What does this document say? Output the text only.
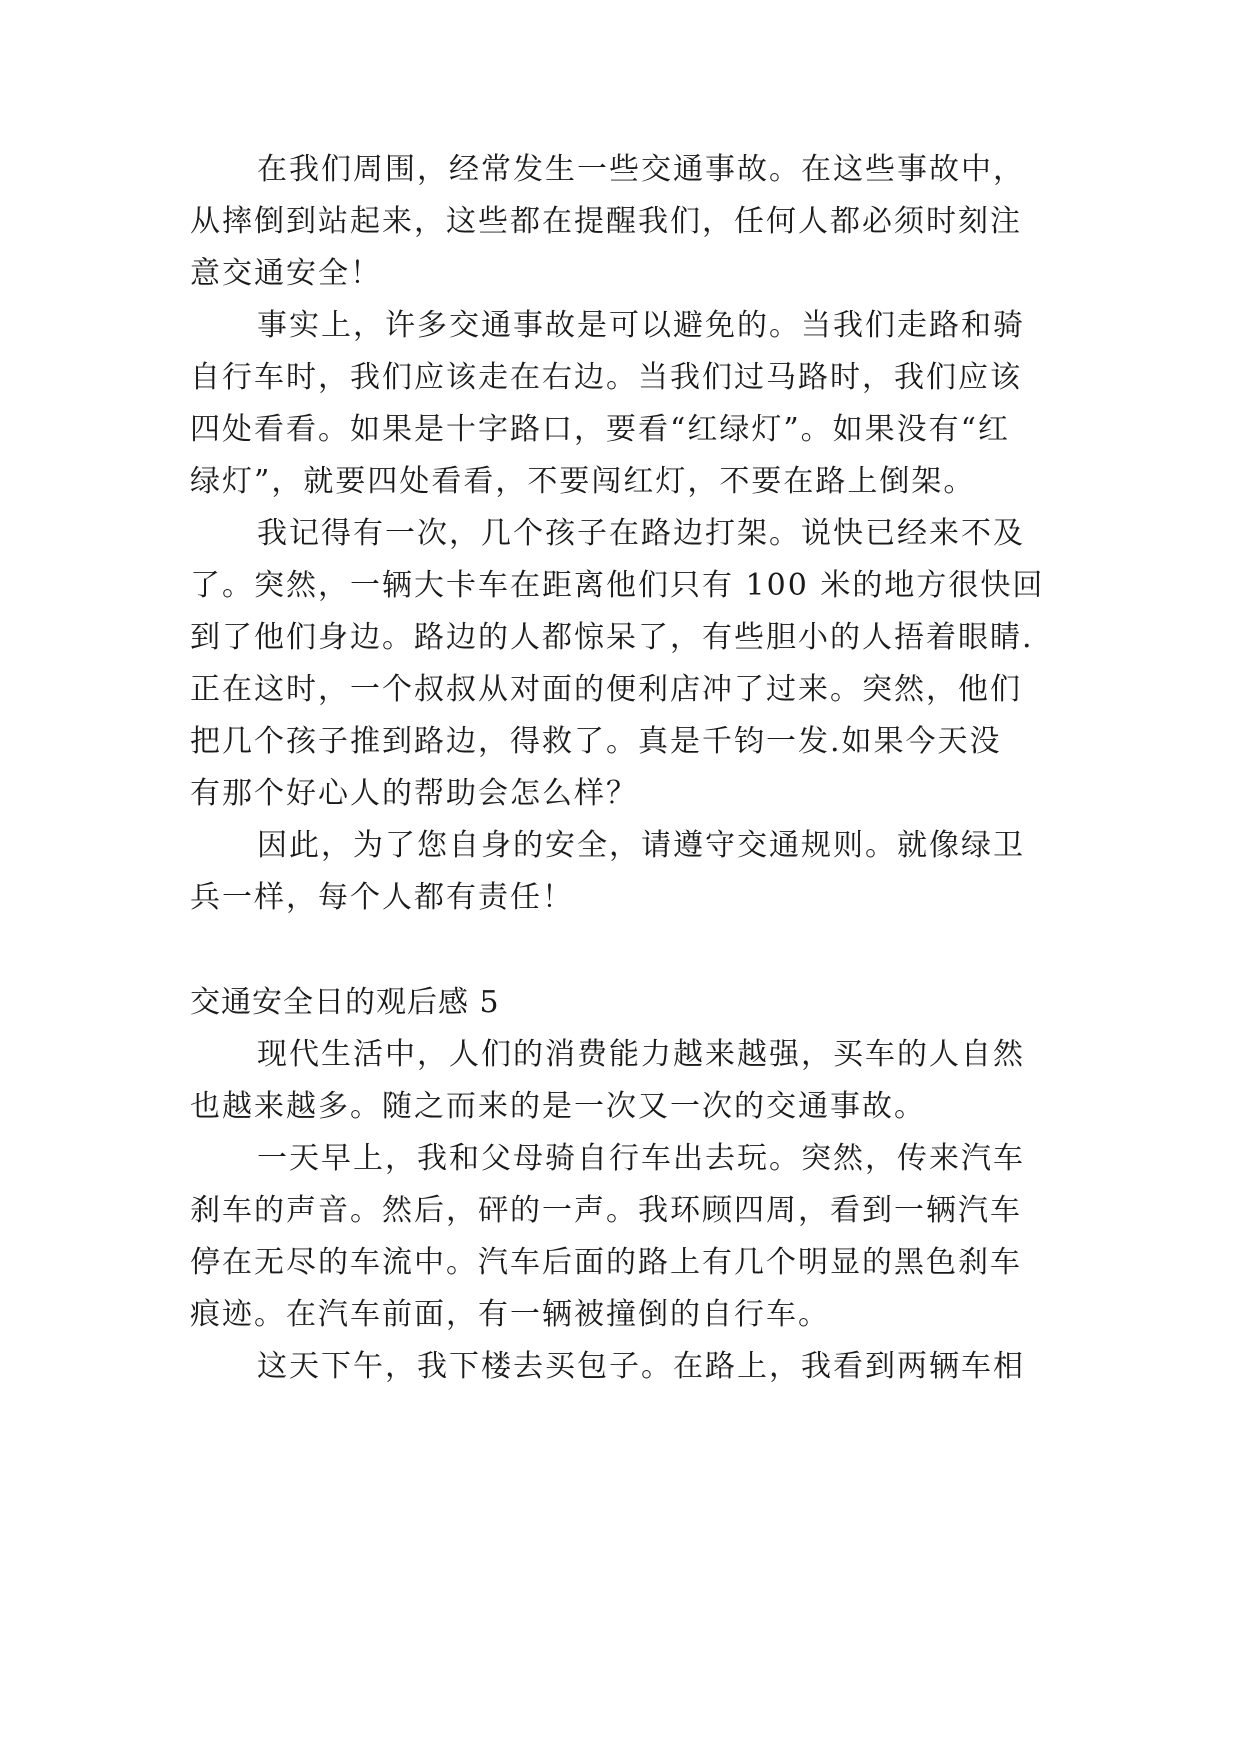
在我们周围，经常发生一些交通事故。在这些事故中，
从摔倒到站起来，这些都在提醒我们，任何人都必须时刻注
意交通安全！
事实上，许多交通事故是可以避免的。当我们走路和骑
自行车时，我们应该走在右边。当我们过马路时，我们应该
四处看看。如果是十字路口，要看“红绿灯”。如果没有“红
绿灯”，就要四处看看，不要闯红灯，不要在路上倒架。
我记得有一次，几个孩子在路边打架。说快已经来不及
了。突然，一辆大卡车在距离他们只有 100 米的地方很快回
到了他们身边。路边的人都惊呆了，有些胆小的人捂着眼睛.
正在这时，一个叔叔从对面的便利店冲了过来。突然，他们
把几个孩子推到路边，得救了。真是千钧一发.如果今天没
有那个好心人的帮助会怎么样？
因此，为了您自身的安全，请遵守交通规则。就像绿卫
兵一样，每个人都有责任！
交通安全日的观后感 5
现代生活中，人们的消费能力越来越强，买车的人自然
也越来越多。随之而来的是一次又一次的交通事故。
一天早上，我和父母骑自行车出去玩。突然，传来汽车
刹车的声音。然后，砰的一声。我环顾四周，看到一辆汽车
停在无尽的车流中。汽车后面的路上有几个明显的黑色刹车
痕迹。在汽车前面，有一辆被撞倒的自行车。
这天下午，我下楼去买包子。在路上，我看到两辆车相
